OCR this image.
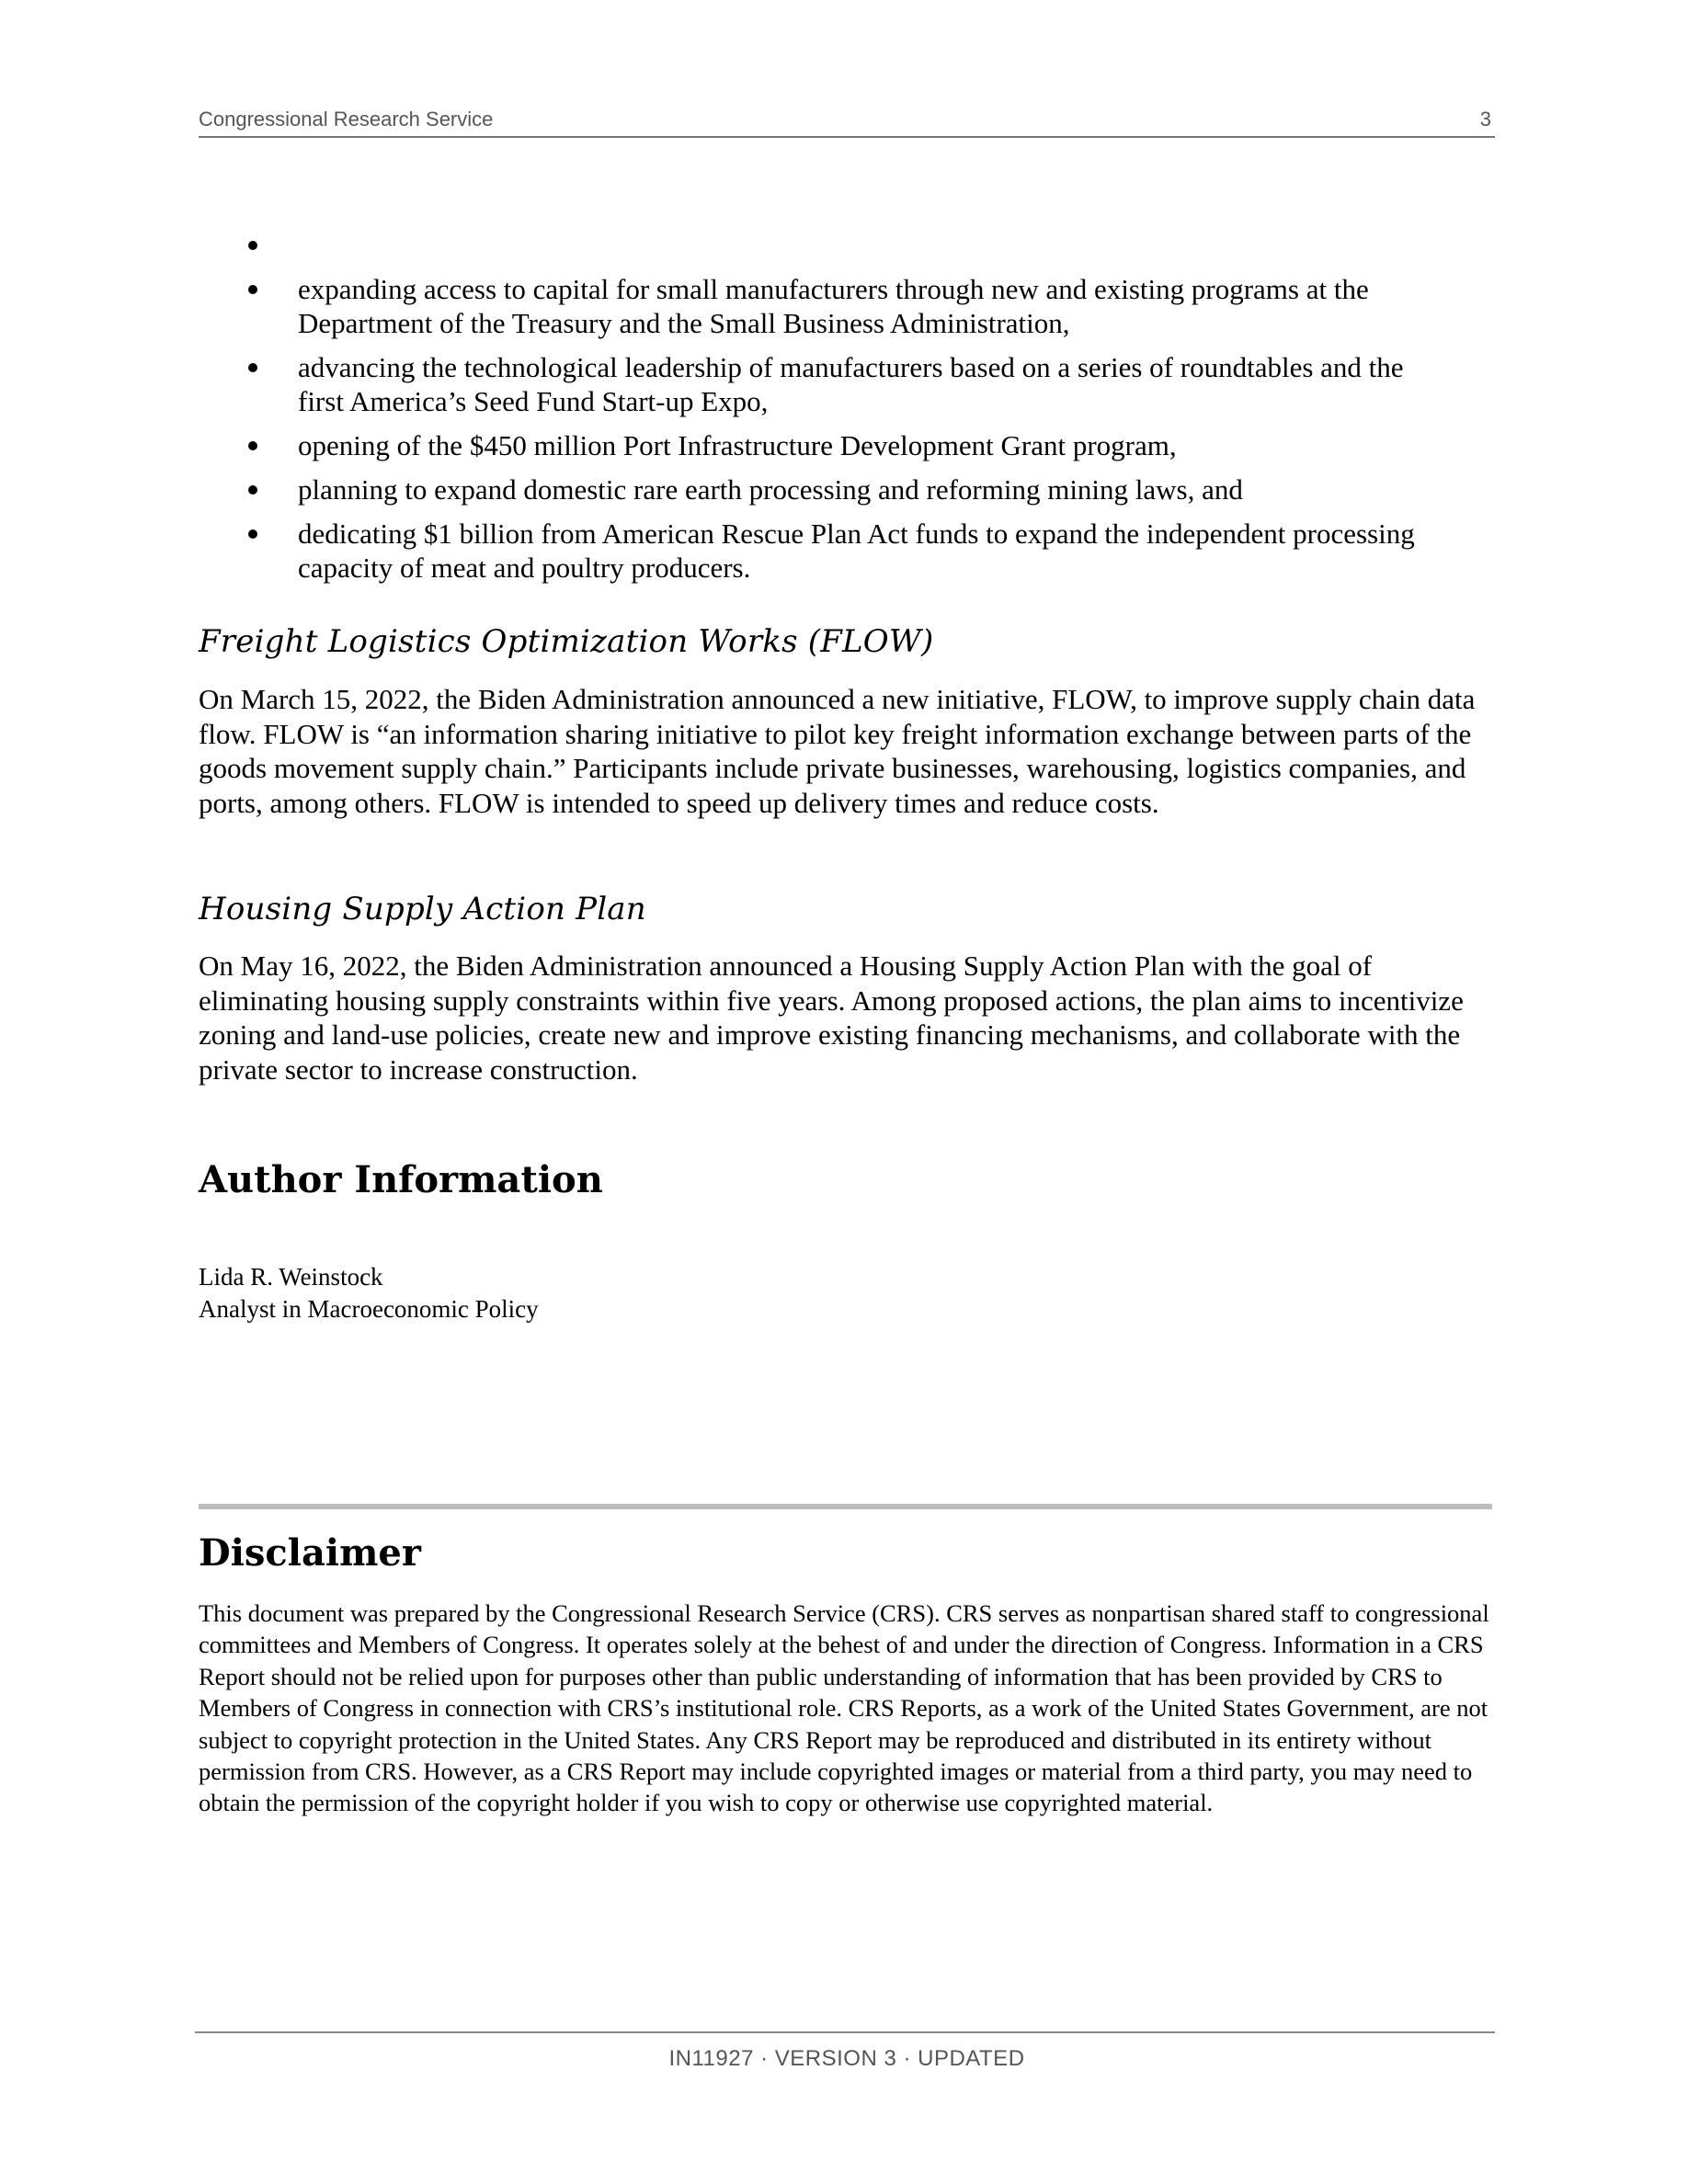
Congressional Research Service	3
expanding access to capital for small manufacturers through new and existing programs at the Department of the Treasury and the Small Business Administration,
advancing the technological leadership of manufacturers based on a series of roundtables and the first America’s Seed Fund Start-up Expo,
opening of the $450 million Port Infrastructure Development Grant program,
planning to expand domestic rare earth processing and reforming mining laws, and
dedicating $1 billion from American Rescue Plan Act funds to expand the independent processing capacity of meat and poultry producers.
Freight Logistics Optimization Works (FLOW)

On March 15, 2022, the Biden Administration announced a new initiative, FLOW, to improve supply chain data flow. FLOW is “an information sharing initiative to pilot key freight information exchange between parts of the goods movement supply chain.” Participants include private businesses, warehousing, logistics companies, and ports, among others. FLOW is intended to speed up delivery times and reduce costs.

Housing Supply Action Plan

On May 16, 2022, the Biden Administration announced a Housing Supply Action Plan with the goal of eliminating housing supply constraints within five years. Among proposed actions, the plan aims to incentivize zoning and land-use policies, create new and improve existing financing mechanisms, and collaborate with the private sector to increase construction.

Author Information
Lida R. Weinstock
Analyst in Macroeconomic Policy
Disclaimer

This document was prepared by the Congressional Research Service (CRS). CRS serves as nonpartisan shared staff to congressional committees and Members of Congress. It operates solely at the behest of and under the direction of Congress. Information in a CRS Report should not be relied upon for purposes other than public understanding of information that has been provided by CRS to Members of Congress in connection with CRS’s institutional role. CRS Reports, as a work of the United States Government, are not subject to copyright protection in the United States. Any CRS Report may be reproduced and distributed in its entirety without permission from CRS. However, as a CRS Report may include copyrighted images or material from a third party, you may need to obtain the permission of the copyright holder if you wish to copy or otherwise use copyrighted material.

IN11927 · VERSION 3 · UPDATED
